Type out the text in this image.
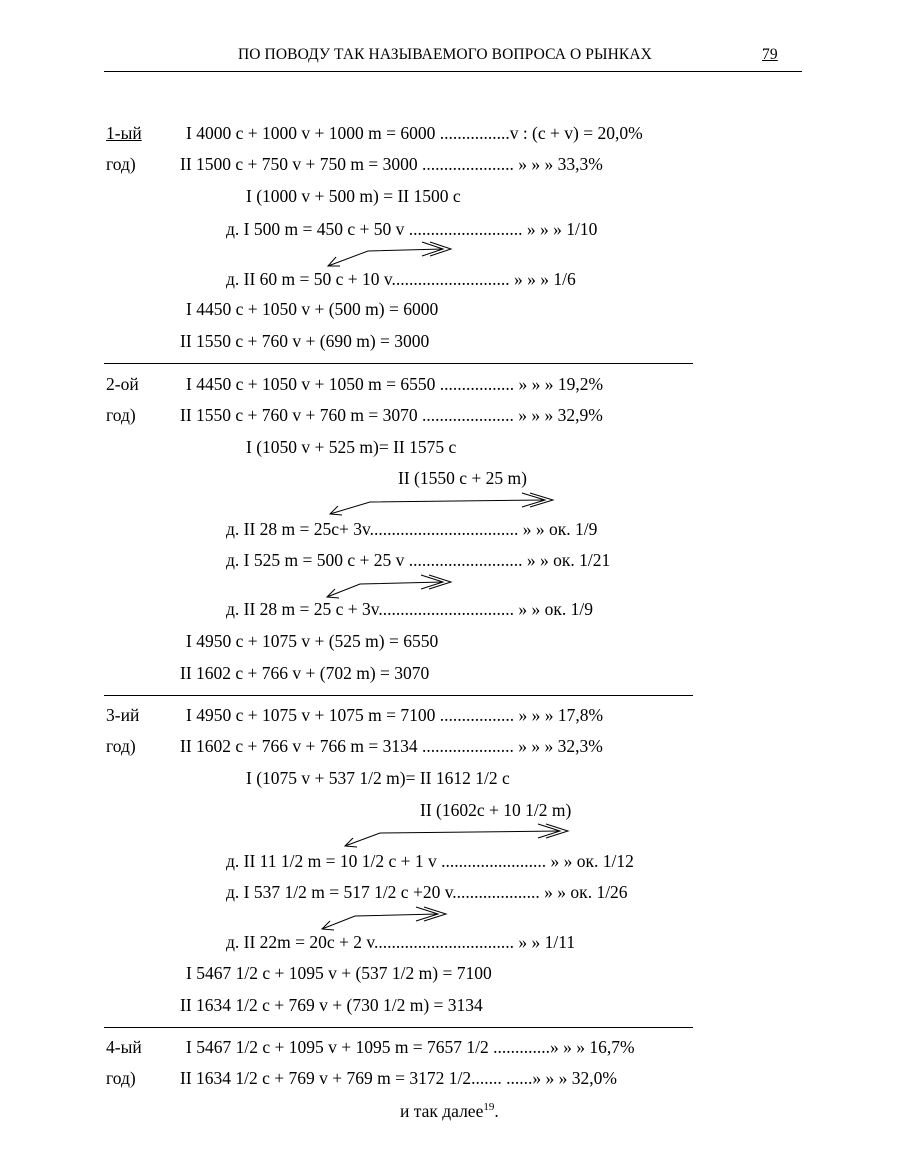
ПО ПОВОДУ ТАК НАЗЫВАЕМОГО ВОПРОСА О РЫНКАХ	79
1-ый
год)
2-ой
год)
3-ий
год)
4-ый
год)
I 4000 c + 1000 v + 1000 m = 6000 ................v : (c + v) = 20,0%
II 1500 c + 750 v + 750 m = 3000 ..................... » » » 33,3%
I (1000 v + 500 m) = II 1500 c
д. I 500 m = 450 c + 50 v .......................... » » » 1/10
д. II 60 m = 50 c + 10 v........................... » » » 1/6
I 4450 c + 1050 v + (500 m) = 6000
II 1550 c + 760 v + (690 m) = 3000
I 4450 c + 1050 v + 1050 m = 6550 ................. » » » 19,2%
II 1550 c + 760 v + 760 m = 3070 ..................... » » » 32,9%
I (1050 v + 525 m)= II 1575 c
II (1550 c + 25 m)
д. II 28 m = 25c+ 3v.................................. » » ок. 1/9
д. I 525 m = 500 c + 25 v .......................... » » ок. 1/21
д. II 28 m = 25 c + 3v............................... » » ок. 1/9
I 4950 c + 1075 v + (525 m) = 6550
II 1602 c + 766 v + (702 m) = 3070
I 4950 c + 1075 v + 1075 m = 7100 ................. » » » 17,8%
II 1602 c + 766 v + 766 m = 3134 ..................... » » » 32,3%
I (1075 v + 537 1/2 m)= II 1612 1/2 c
II (1602c + 10 1/2 m)
д. II 11 1/2 m = 10 1/2 c + 1 v ........................ » » ок. 1/12
д. I 537 1/2 m = 517 1/2 c +20 v.................... » » ок. 1/26
д. II 22m = 20c + 2 v................................ » » 1/11
I 5467 1/2 c + 1095 v + (537 1/2 m) = 7100
II 1634 1/2 c + 769 v + (730 1/2 m) = 3134
I 5467 1/2 c + 1095 v + 1095 m = 7657 1/2 .............» » » 16,7%
II 1634 1/2 c + 769 v + 769 m = 3172 1/2....... ......» » » 32,0%
и так далее$^{19}$.
